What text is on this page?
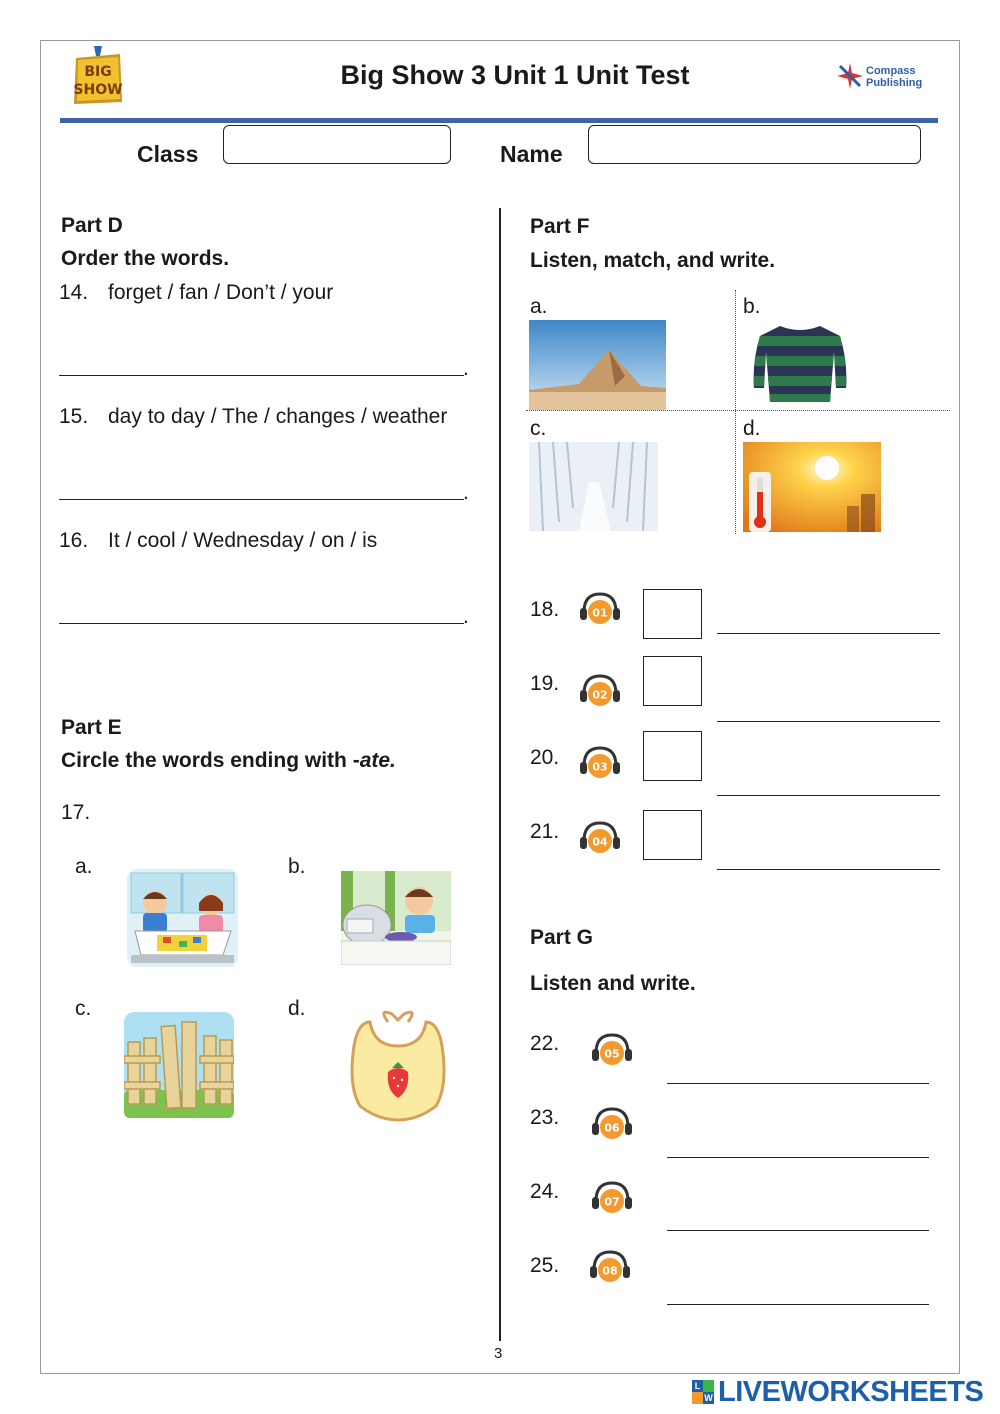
BIG
SHOW	Big Show 3 Unit 1 Unit Test	Compass
Publishing
Class	Name
Part D
Order the words.
14. forget / fan / Don’t / your
.
15. day to day / The / changes / weather
.
16. It / cool / Wednesday / on / is
.
Part E
Circle the words ending with -ate.
17.
a.	b.
c.	d.
Part F
Listen, match, and write.
a.	b.
c.	d.
18.	01
19.	02
20.	03
21.	04
Part G
Listen and write.
22.	05
23.	06
24.	07
25.	08
3
L
W LIVEWORKSHEETS
